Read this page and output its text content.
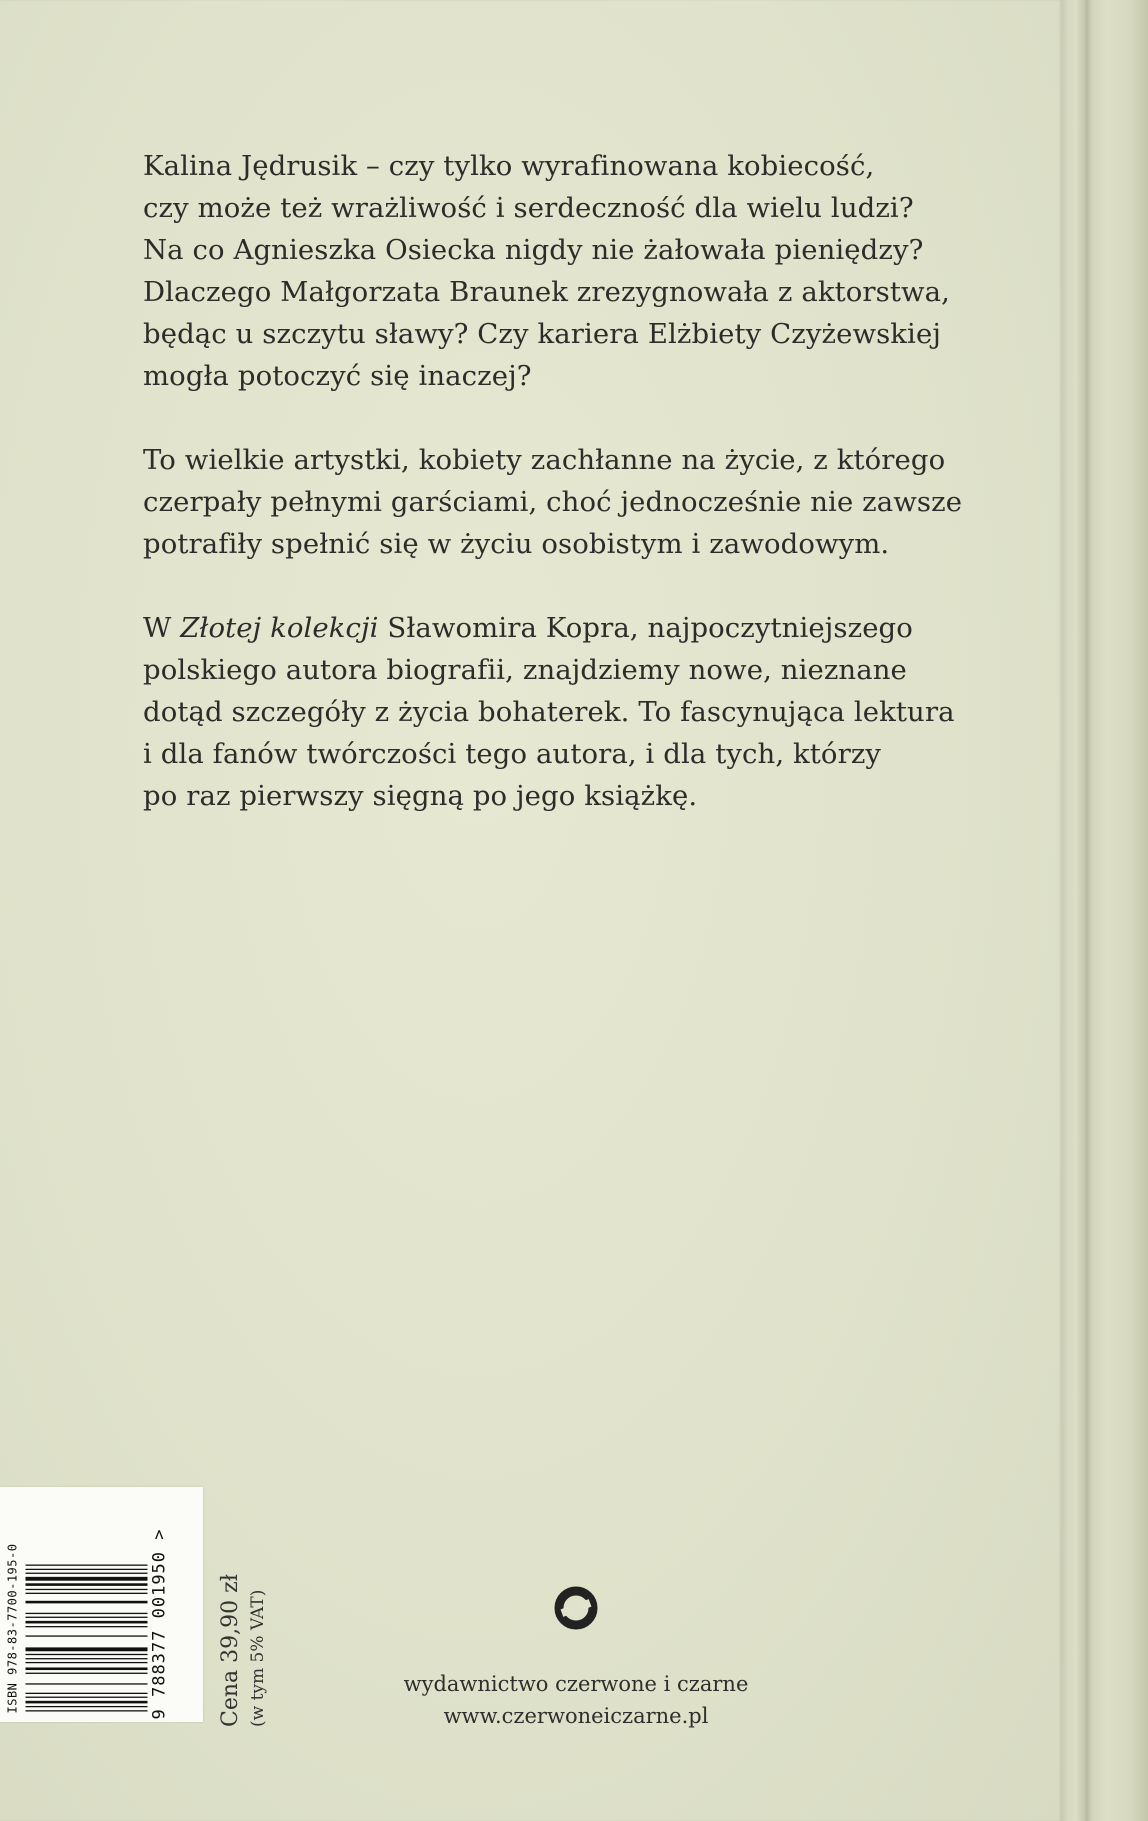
Kalina Jędrusik – czy tylko wyrafinowana kobiecość,
czy może też wrażliwość i serdeczność dla wielu ludzi?
Na co Agnieszka Osiecka nigdy nie żałowała pieniędzy?
Dlaczego Małgorzata Braunek zrezygnowała z aktorstwa,
będąc u szczytu sławy? Czy kariera Elżbiety Czyżewskiej
mogła potoczyć się inaczej?

To wielkie artystki, kobiety zachłanne na życie, z którego
czerpały pełnymi garściami, choć jednocześnie nie zawsze
potrafiły spełnić się w życiu osobistym i zawodowym.

W Złotej kolekcji Sławomira Kopra, najpoczytniejszego
polskiego autora biografii, znajdziemy nowe, nieznane
dotąd szczegóły z życia bohaterek. To fascynująca lektura
i dla fanów twórczości tego autora, i dla tych, którzy
po raz pierwszy sięgną po jego książkę.

ISBN 978-83-7700-195-0	9 788377 001950 > Cena 39,90 zł (w tym 5% VAT)	wydawnictwo czerwone i czarne
www.czerwoneiczarne.pl
